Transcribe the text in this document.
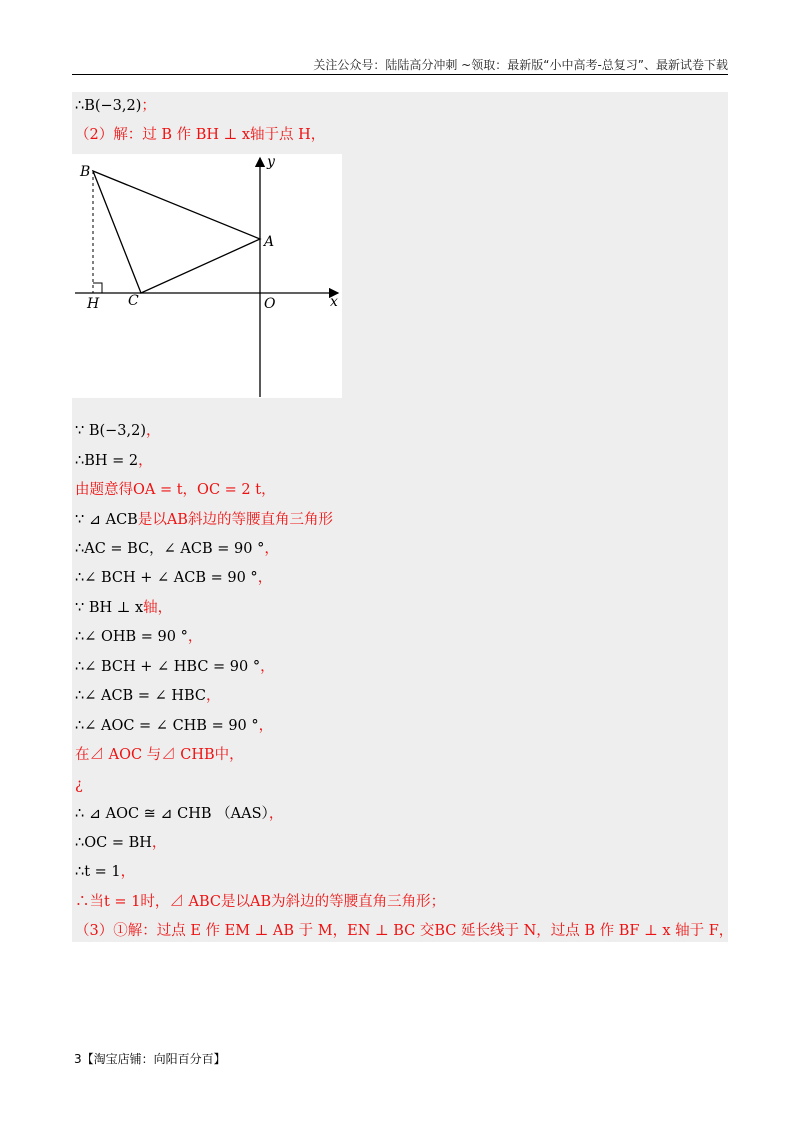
关注公众号：陆陆高分冲刺 ~领取：最新版“小中高考-总复习”、最新试卷下载
∴B(−3,2)；
（2）解：过 B 作 BH ⊥ x轴于点 H，
∵ B(−3,2)，
∴BH = 2，
由题意得OA = t，OC = 2 t，
∵ ⊿ ACB是以AB斜边的等腰直角三角形
∴AC = BC，∠ ACB = 90 °，
∴∠ BCH + ∠ ACB = 90 °，
∵ BH ⊥ x轴，
∴∠ OHB = 90 °，
∴∠ BCH + ∠ HBC = 90 °，
∴∠ ACB = ∠ HBC，
∴∠ AOC = ∠ CHB = 90 °，
在⊿ AOC 与⊿ CHB中，
¿
∴ ⊿ AOC ≅ ⊿ CHB （AAS），
∴OC = BH，
∴t = 1，
∴当t = 1时，⊿ ABC是以AB为斜边的等腰直角三角形；
（3）①解：过点 E 作 EM ⊥ AB 于 M，EN ⊥ BC 交BC 延长线于 N，过点 B 作 BF ⊥ x 轴于 F，
B
y
A
H C	O	x
3【淘宝店铺：向阳百分百】
